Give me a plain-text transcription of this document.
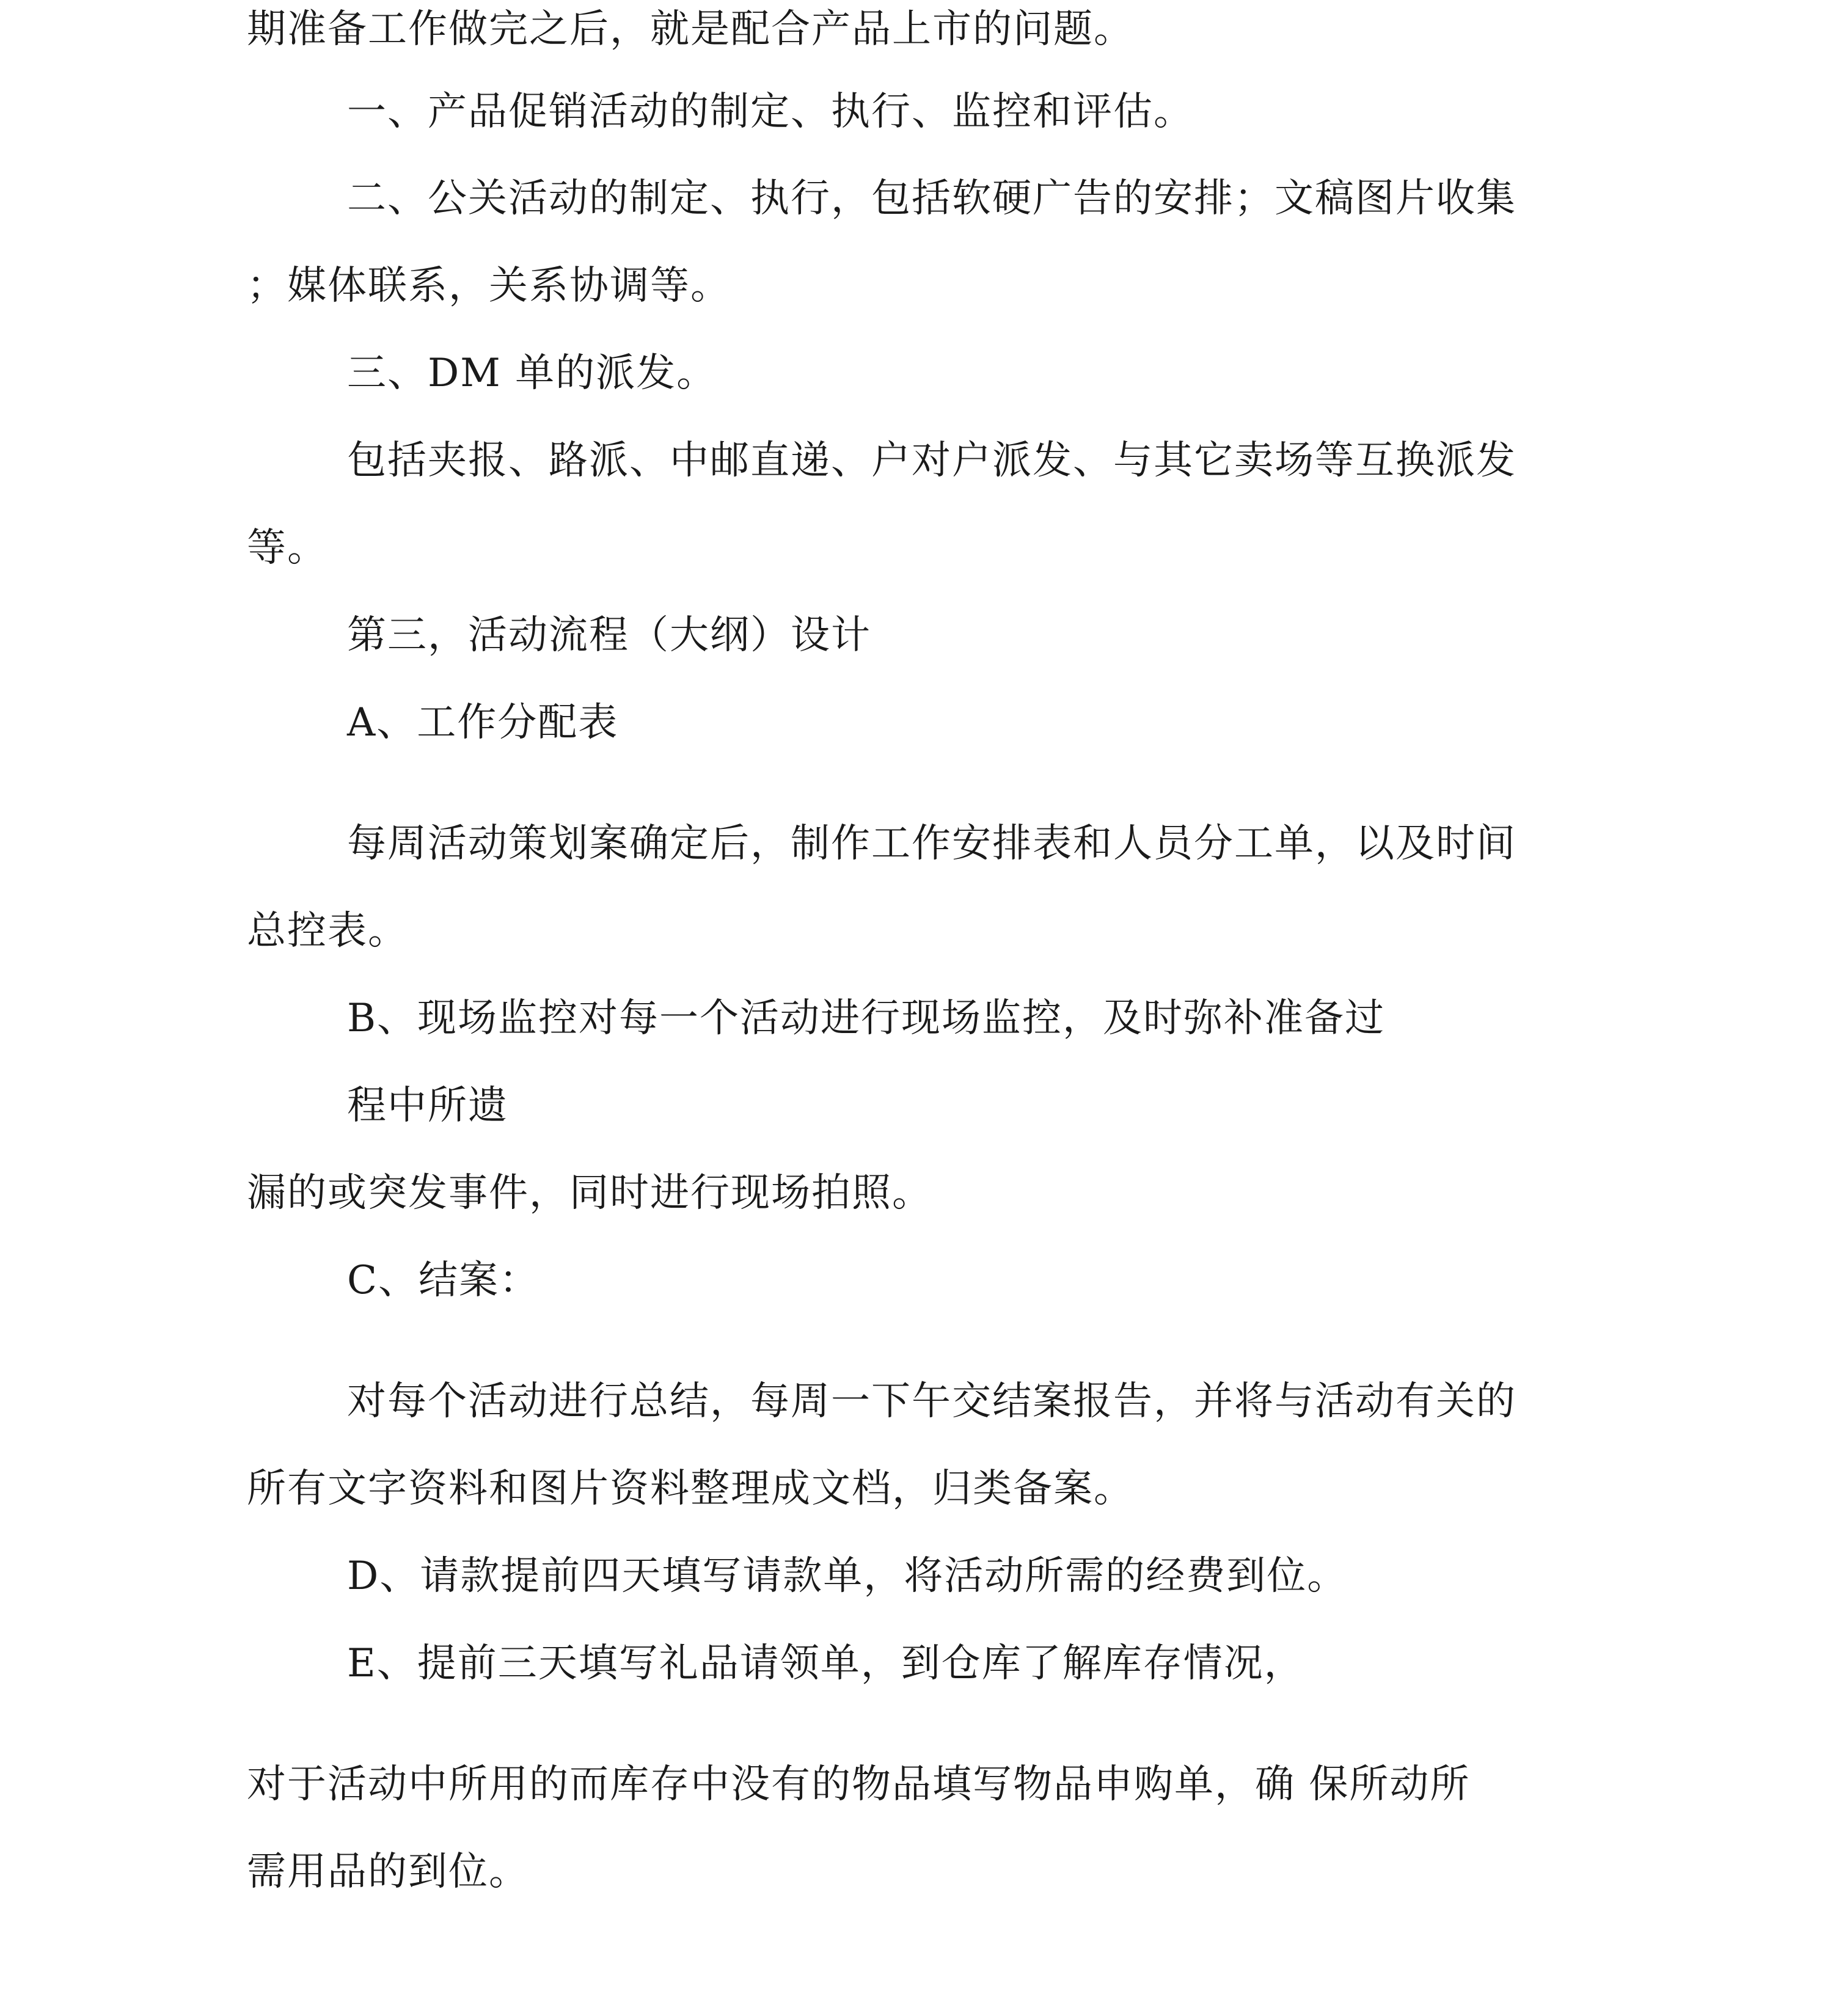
期准备工作做完之后，就是配合产品上市的问题。

一、产品促销活动的制定、执行、监控和评估。

二、公关活动的制定、执行，包括软硬广告的安排；文稿图片收集

；媒体联系，关系协调等。

三、DM 单的派发。

包括夹报、路派、中邮直递、户对户派发、与其它卖场等互换派发

等。

第三，活动流程（大纲）设计

A、工作分配表

每周活动策划案确定后，制作工作安排表和人员分工单，以及时间

总控表。

B、现场监控对每一个活动进行现场监控，及时弥补准备过

程中所遗

漏的或突发事件，同时进行现场拍照。

C、结案：

对每个活动进行总结，每周一下午交结案报告，并将与活动有关的

所有文字资料和图片资料整理成文档，归类备案。

D、请款提前四天填写请款单，将活动所需的经费到位。

E、提前三天填写礼品请领单，到仓库了解库存情况，

对于活动中所用的而库存中没有的物品填写物品申购单，确 保所动所

需用品的到位。
